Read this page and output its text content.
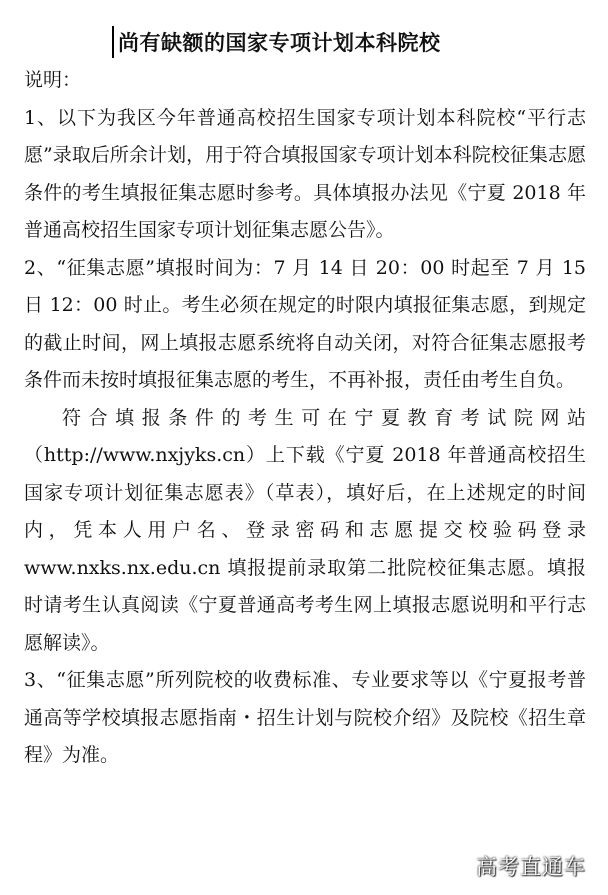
尚有缺额的国家专项计划本科院校

说明：

1、以下为我区今年普通高校招生国家专项计划本科院校“平行志愿”录取后所余计划，用于符合填报国家专项计划本科院校征集志愿条件的考生填报征集志愿时参考。具体填报办法见《宁夏 2018 年普通高校招生国家专项计划征集志愿公告》。

2、“征集志愿”填报时间为：7 月 14 日 20：00 时起至 7 月 15 日 12：00 时止。考生必须在规定的时限内填报征集志愿，到规定的截止时间，网上填报志愿系统将自动关闭，对符合征集志愿报考条件而未按时填报征集志愿的考生，不再补报，责任由考生自负。

符合填报条件的考生可在宁夏教育考试院网站（http://www.nxjyks.cn）上下载《宁夏 2018 年普通高校招生国家专项计划征集志愿表》（草表），填好后，在上述规定的时间内，凭本人用户名、登录密码和志愿提交校验码登录 www.nxks.nx.edu.cn 填报提前录取第二批院校征集志愿。填报时请考生认真阅读《宁夏普通高考考生网上填报志愿说明和平行志愿解读》。

3、“征集志愿”所列院校的收费标准、专业要求等以《宁夏报考普通高等学校填报志愿指南・招生计划与院校介绍》及院校《招生章程》为准。

高考直通车
